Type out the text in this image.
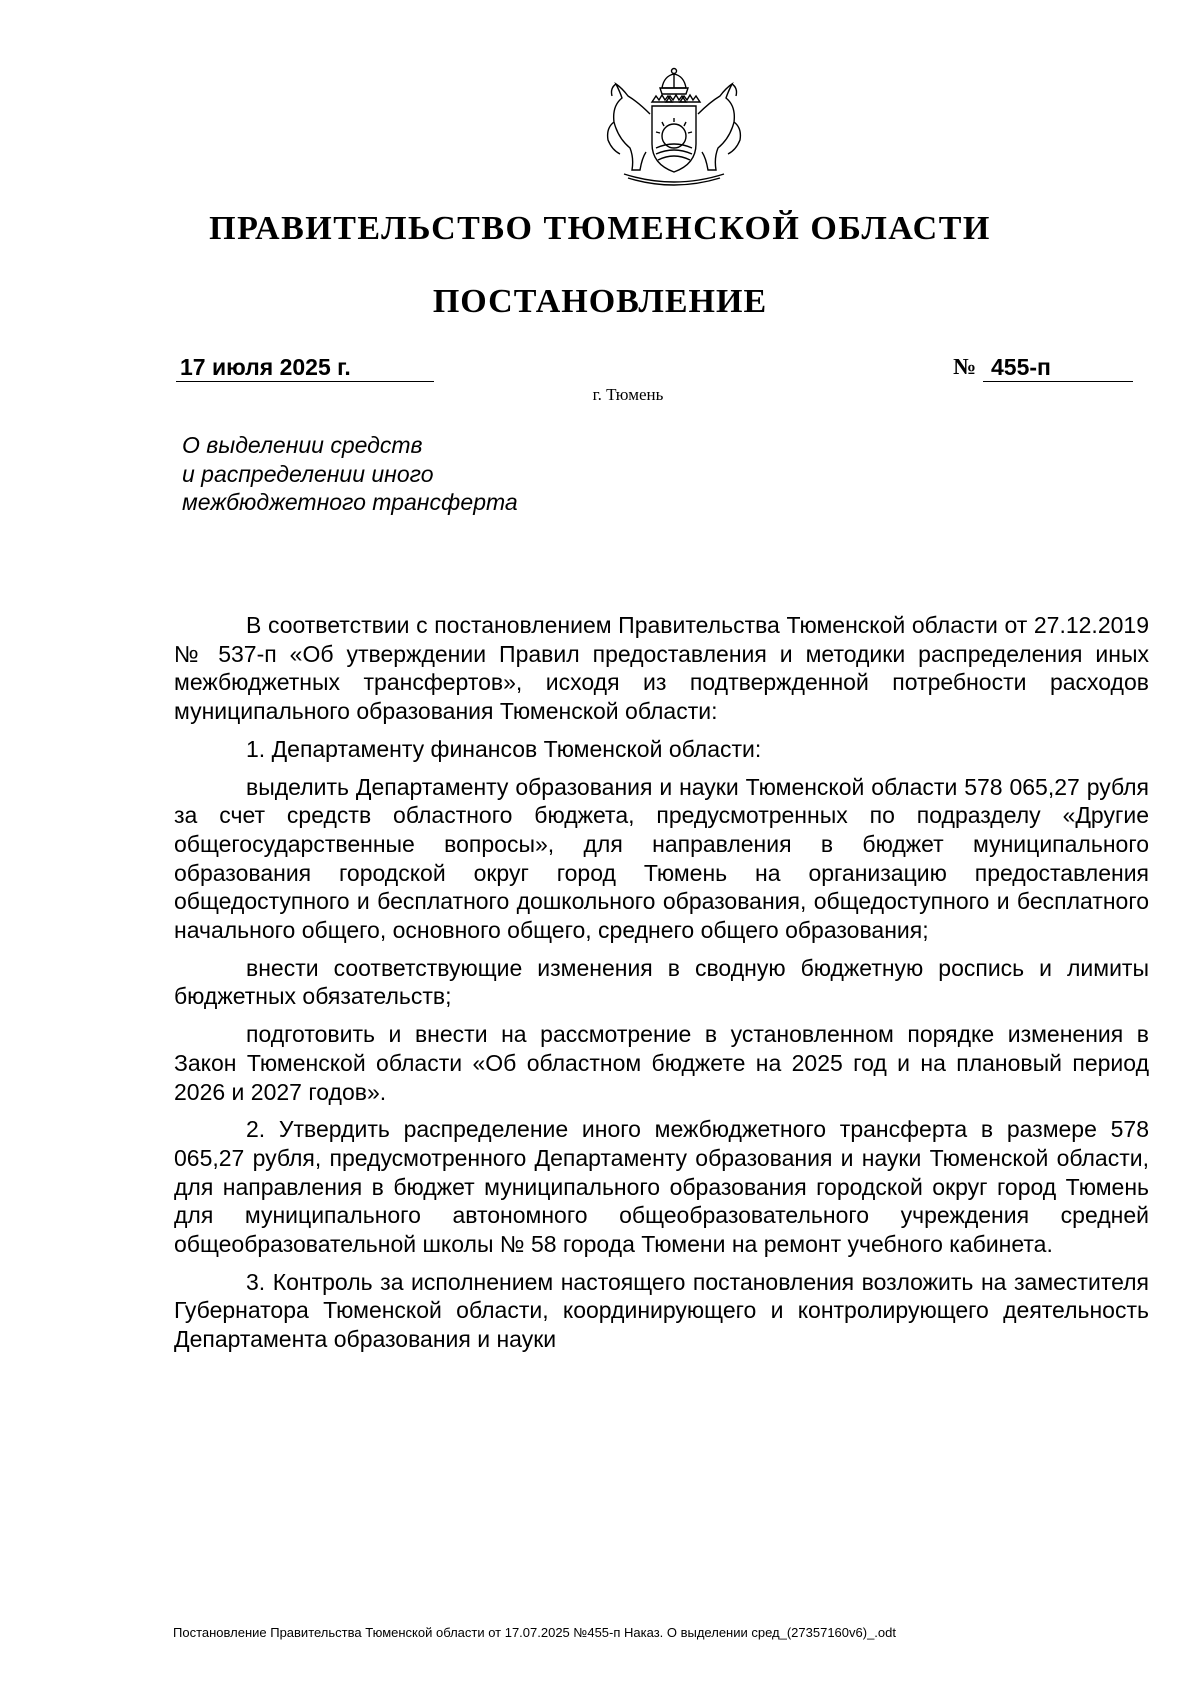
ПРАВИТЕЛЬСТВО ТЮМЕНСКОЙ ОБЛАСТИ
ПОСТАНОВЛЕНИЕ
17 июля 2025 г.	№ 455-п
г. Тюмень
О выделении средств
и распределении иного
межбюджетного трансферта

В соответствии с постановлением Правительства Тюменской области от 27.12.2019 № 537-п «Об утверждении Правил предоставления и методики распределения иных межбюджетных трансфертов», исходя из подтвержденной потребности расходов муниципального образования Тюменской области:

1. Департаменту финансов Тюменской области:

выделить Департаменту образования и науки Тюменской области 578 065,27 рубля за счет средств областного бюджета, предусмотренных по подразделу «Другие общегосударственные вопросы», для направления в бюджет муниципального образования городской округ город Тюмень на организацию предоставления общедоступного и бесплатного дошкольного образования, общедоступного и бесплатного начального общего, основного общего, среднего общего образования;

внести соответствующие изменения в сводную бюджетную роспись и лимиты бюджетных обязательств;

подготовить и внести на рассмотрение в установленном порядке изменения в Закон Тюменской области «Об областном бюджете на 2025 год и на плановый период 2026 и 2027 годов».

2. Утвердить распределение иного межбюджетного трансферта в размере 578 065,27 рубля, предусмотренного Департаменту образования и науки Тюменской области, для направления в бюджет муниципального образования городской округ город Тюмень для муниципального автономного общеобразовательного учреждения средней общеобразовательной школы № 58 города Тюмени на ремонт учебного кабинета.

3. Контроль за исполнением настоящего постановления возложить на заместителя Губернатора Тюменской области, координирующего и контролирующего деятельность Департамента образования и науки

Постановление Правительства Тюменской области от 17.07.2025 №455-п Наказ. О выделении сред_(27357160v6)_.odt
